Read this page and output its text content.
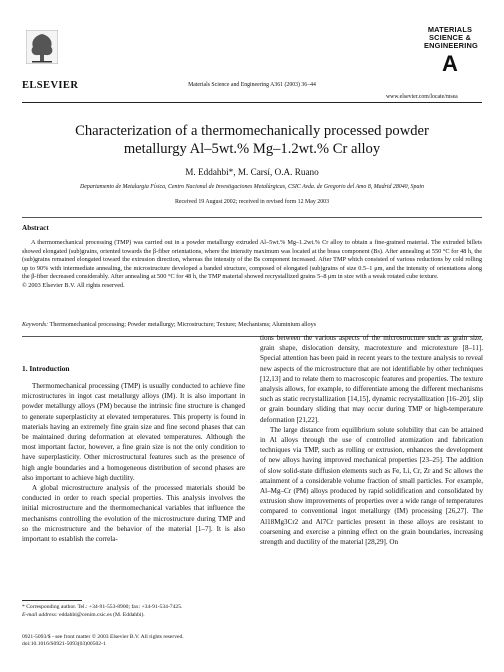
ELSEVIER	Materials Science and Engineering A361 (2003) 36–44
MATERIALS
SCIENCE &
ENGINEERING
A
www.elsevier.com/locate/msea
Characterization of a thermomechanically processed powder
metallurgy Al–5wt.% Mg–1.2wt.% Cr alloy
M. Eddahbi*, M. Carsí, O.A. Ruano
Departamento de Metalurgia Física, Centro Nacional de Investigaciones Metalúrgicas, CSIC Avda. de Gregorio del Amo 8, Madrid 28040, Spain
Received 19 August 2002; received in revised form 12 May 2003
Abstract

A thermomechanical processing (TMP) was carried out in a powder metallurgy extruded Al–5wt.% Mg–1.2wt.% Cr alloy to obtain a fine-grained material. The extruded billets showed elongated (sub)grains, oriented towards the β-fiber orientations, where the intensity maximum was located at the brass component (Bs). After annealing at 550 °C for 48 h, the (sub)grains remained elongated toward the extrusion direction, whereas the intensity of the Bs component increased. After TMP which consisted of various reductions by cold rolling up to 90% with intermediate annealing, the microstructure developed a banded structure, composed of elongated (sub)grains of size 0.5–1 μm, and the intensity of orientations along the β-fiber decreased considerably. After annealing at 500 °C for 48 h, the TMP material showed recrystallized grains 5–8 μm in size with a weak rotated cube texture.

© 2003 Elsevier B.V. All rights reserved.

Keywords: Thermomechanical processing; Powder metallurgy; Microstructure; Texture; Mechanisms; Aluminium alloys
1. Introduction

Thermomechanical processing (TMP) is usually conducted to achieve fine microstructures in ingot cast metallurgy alloys (IM). It is also important in powder metallurgy alloys (PM) because the intrinsic fine structure is changed to generate superplasticity at elevated temperatures. This property is found in materials having an extremely fine grain size and fine second phases that can be maintained during deformation at elevated temperatures. Although the most important factor, however, a fine grain size is not the only condition to have superplasticity. Other microstructural features such as the presence of high angle boundaries and a homogeneous distribution of second phases are also important to achieve high ductility.

A global microstructure analysis of the processed materials should be conducted in order to reach special properties. This analysis involves the initial microstructure and the thermomechanical variables that influence the mechanisms controlling the evolution of the microstructure during TMP and so the microstructure and the behavior of the material [1–7]. It is also important to establish the correla-

tions between the various aspects of the microstructure such as grain size, grain shape, dislocation density, macrotexture and microtexture [8–11]. Special attention has been paid in recent years to the texture analysis to reveal new aspects of the microstructure that are not identifiable by other techniques [12,13] and to relate them to macroscopic features and properties. The texture analysis allows, for example, to differentiate among the different mechanisms such as static recrystallization [14,15], dynamic recrystallization [16–20], slip or grain boundary sliding that may occur during TMP or high-temperature deformation [21,22].

The large distance from equilibrium solute solubility that can be attained in Al alloys through the use of controlled atomization and fabrication techniques via TMP, such as rolling or extrusion, enhances the development of new alloys having improved mechanical properties [23–25]. The addition of slow solid-state diffusion elements such as Fe, Li, Cr, Zr and Sc allows the attainment of a considerable volume fraction of small particles. For example, Al–Mg–Cr (PM) alloys produced by rapid solidification and consolidated by extrusion show improvements of properties over a wide range of temperatures compared to conventional ingot metallurgy (IM) processing [26,27]. The Al18Mg3Cr2 and Al7Cr particles present in these alloys are resistant to coarsening and exercise a pinning effect on the grain boundaries, increasing strength and ductility of the material [28,29]. On

* Corresponding author. Tel.: +34-91-553-8900; fax: +34-91-534-7425.
E-mail address: eddahbi@cenim.csic.es (M. Eddahbi).
0921-5093/$ - see front matter © 2003 Elsevier B.V. All rights reserved.
doi:10.1016/S0921-5093(03)00502-1
